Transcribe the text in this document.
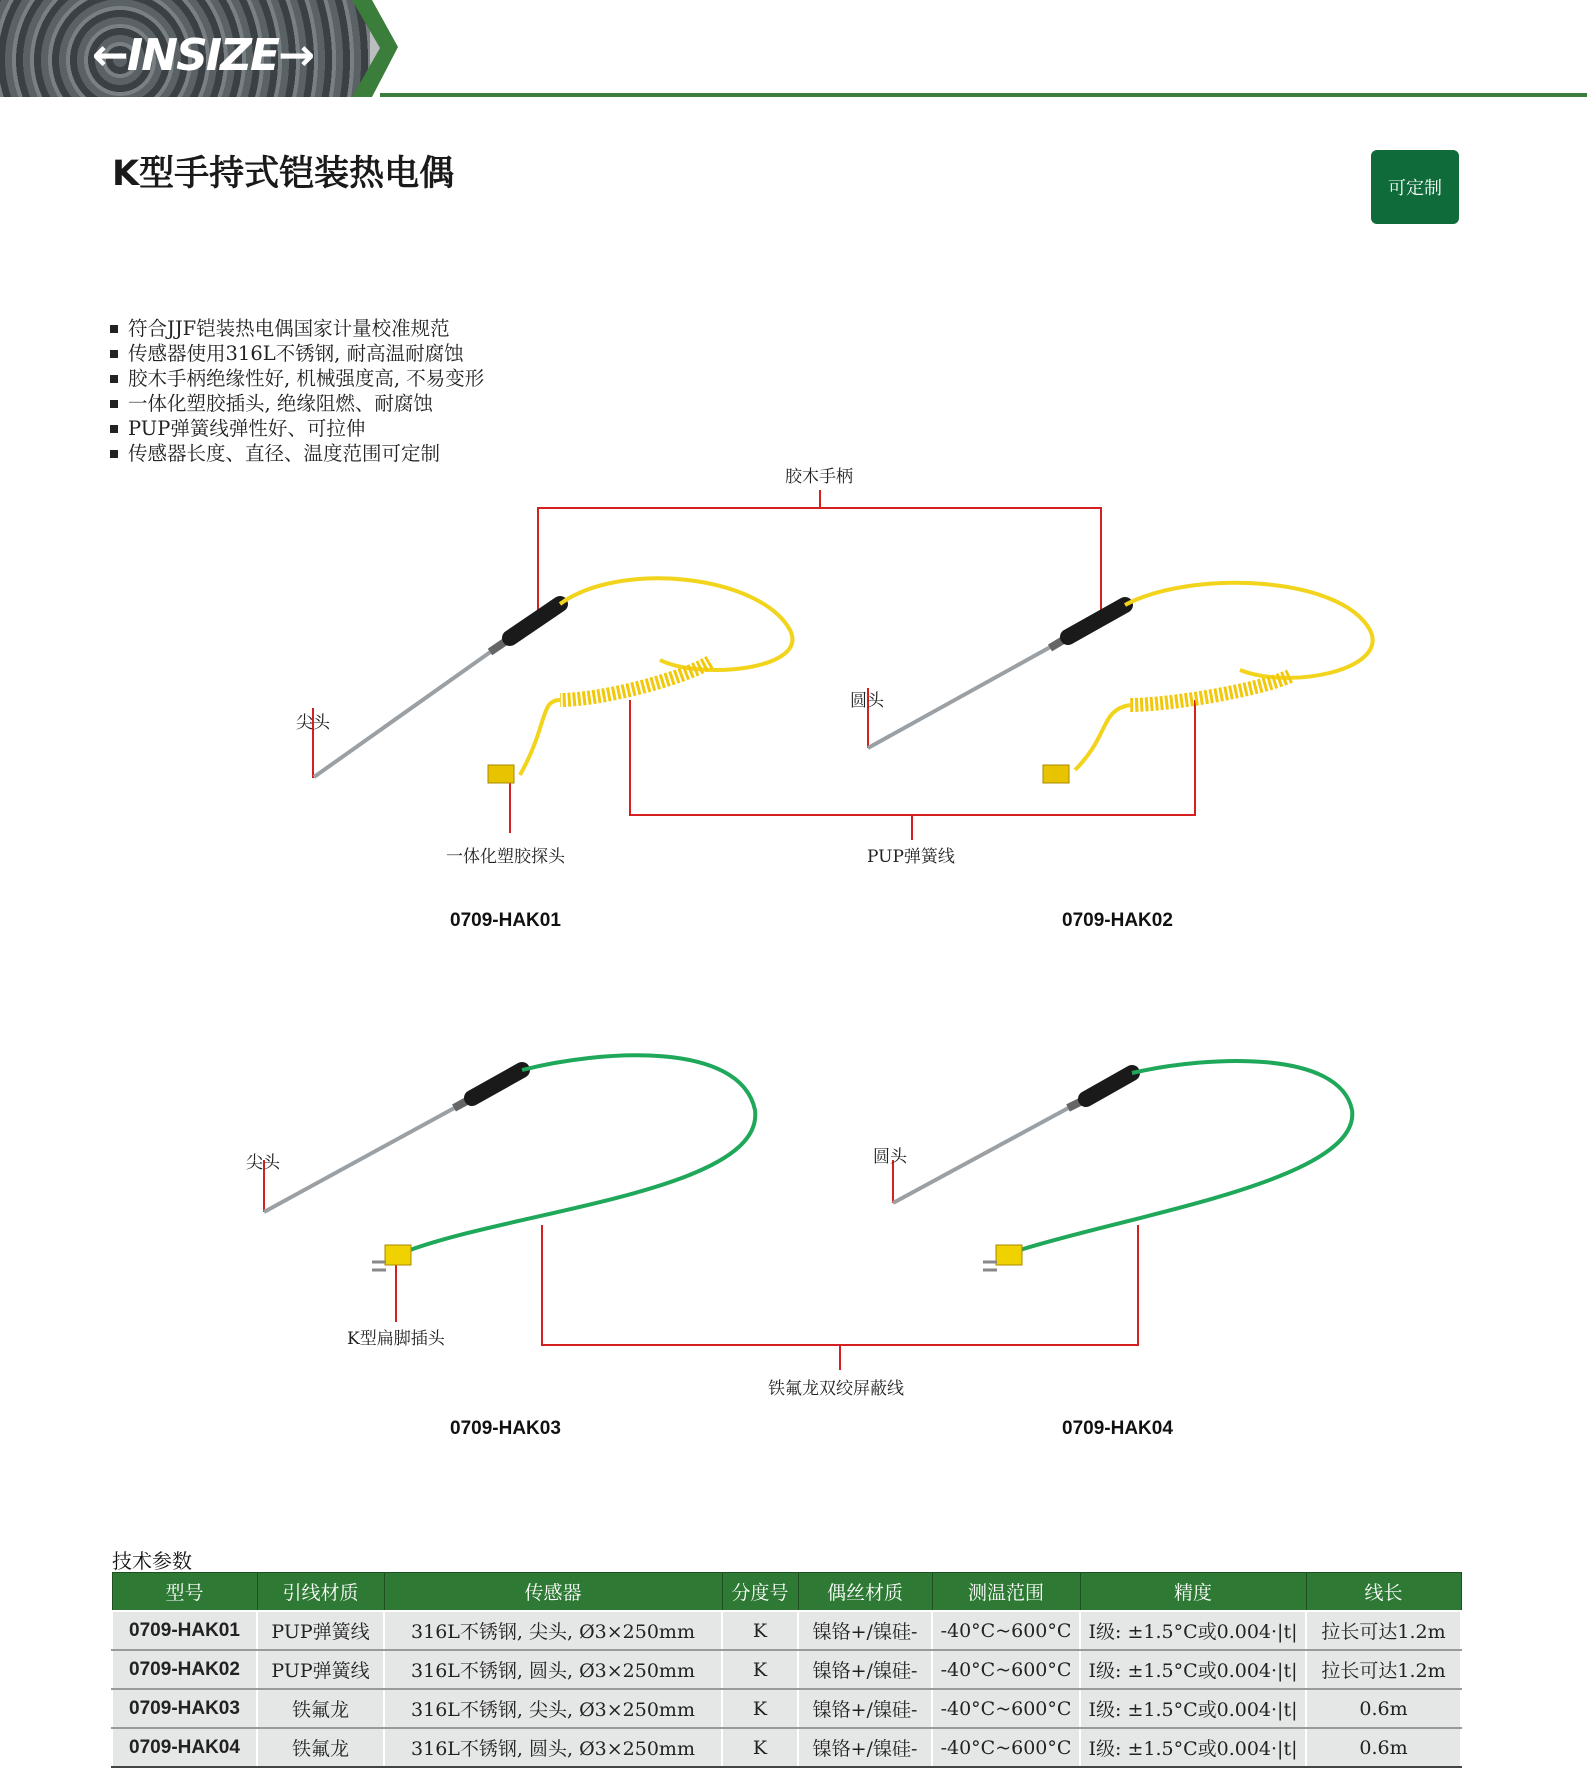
←INSIZE→
K型手持式铠装热电偶	可定制
符合JJF铠装热电偶国家计量校准规范
传感器使用316L不锈钢, 耐高温耐腐蚀
胶木手柄绝缘性好, 机械强度高, 不易变形
一体化塑胶插头, 绝缘阻燃、耐腐蚀
PUP弹簧线弹性好、可拉伸
传感器长度、直径、温度范围可定制
胶木手柄
尖头
圆头
一体化塑胶探头	PUP弹簧线
0709-HAK01	0709-HAK02
尖头	圆头
K型扁脚插头
铁氟龙双绞屏蔽线
0709-HAK03	0709-HAK04
技术参数
型号	引线材质	传感器	分度号	偶丝材质	测温范围	精度	线长
0709-HAK01	PUP弹簧线	316L不锈钢, 尖头, Ø3×250mm	K	镍铬+/镍硅-	-40°C~600°C	I级: ±1.5°C或0.004·|t|	拉长可达1.2m
0709-HAK02	PUP弹簧线	316L不锈钢, 圆头, Ø3×250mm	K	镍铬+/镍硅-	-40°C~600°C	I级: ±1.5°C或0.004·|t|	拉长可达1.2m
0709-HAK03	铁氟龙	316L不锈钢, 尖头, Ø3×250mm	K	镍铬+/镍硅-	-40°C~600°C	I级: ±1.5°C或0.004·|t|	0.6m
0709-HAK04	铁氟龙	316L不锈钢, 圆头, Ø3×250mm	K	镍铬+/镍硅-	-40°C~600°C	I级: ±1.5°C或0.004·|t|	0.6m
